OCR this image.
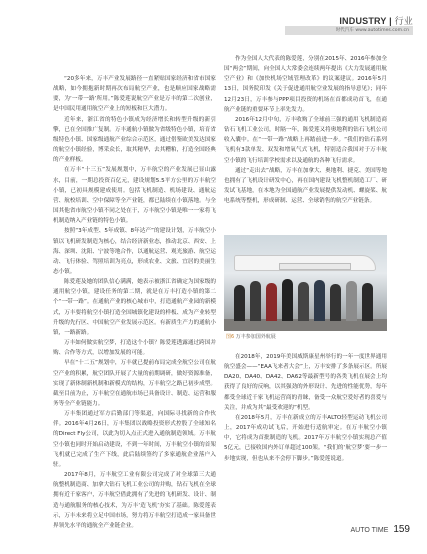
INDUSTRY | 行业
时代汽车 www.autotimes.com.cn

“20多年来，万丰产业发展路径一直紧贴国家经济和省市国家战略，如今拥抱新时期再次布局航空产业，也是顺应国家战略需要，为‘一带一路’所用。”陈爱莲说航空产业是万丰的第二次创业，是中国民用通用航空产业上的短板和巨大潜力。

近年来，浙江省的特色小镇成为经济增长和转型升级的新引擎，已在全国推广复制。万丰通航小镇做为省级特色小镇，培育省级特色小镇、国家级通航产业综合示范区，通过借鉴欧美发达国家的航空小镇经验，博采众长，取其精华，去其糟粕，打造全国经典的产业样板。

在万丰“十三五”发展规划中，万丰航空的产业发展已显山露水，目前，一期总投资百亿元，建设规划5.5平方公里的万丰航空小镇，已初具规模建成使用。包括飞机制造、机场建设、通航运营、航校培训、空中保障等全产业链，都已陆续在小镇落地。与全国其他省市航空小镇不同之处在于，万丰航空小镇是唯一一家将飞机制造纳入产业链的特色小镇。

按照“3年成型、5年成镇、8年达产”的建设计划，万丰航空小镇以飞机研发制造为核心，结合经济新业态，推动北京、西安、上海、深圳、沈阳、宁波等地合作，以通航运营、观光旅游、航空运动、飞行体验、驾照培训为亮点，形成农业、文旅、宜居的美丽生态小镇。

陈爱莲及她的团队信心满满，她表示被浙江省确定为国家级的通用航空小镇，建设任务的第二期，就是在万丰打造小镇的第二个“一带一路”。在通航产业的核心城市中，打造通航产业园的新模式，万丰要将航空小镇打造全国城镇化建设的样板、成为产业转型升级的先行区、中国航空产业发展示范区。有新质生产力的通航小镇，一路新路。

万丰如何做实航空梦，打造这个小镇？陈爱莲透露通过跨国并购、合作等方式，以增加发展的可能。

早在“十二五”规划中，万丰就已提前布局完成全航空公司在航空产业的积累，航空团队开展了大量的前期调研，做好资源准备，实现了新体制新机制和新模式的结构，万丰航空之路已初步成型。截至目前为止，万丰航空在通航市场已具备设计、制造、运营和服务等全产业链能力。

万丰集团通过军方后勤部门等渠道，向国际寻找新的合作伙伴。2016年4月26日，万丰集团以战略投资形式控股了全球知名的Direct Fly公司，以此为切入点正式进入通航制造领域。万丰航空小镇也同时开始启动建设，不到一年时间，万丰航空小镇的首架飞机就已完成了生产下线，此后陆续签约了多家通航企业落户入驻。

2017年8月，万丰航空工业有限公司完成了对全球第三大通航整机制造商、加拿大钻石飞机工业公司的并购，钻石飞机在全球拥有近千家客户，万丰航空借此拥有了先进的飞机研发、设计、制造与通航服务的核心技术，为万丰‘造飞机’夯实了基础。陈爱莲表示，万丰未来将立足中国市场，努力将万丰航空打造成一家具备世界领先水平的通航全产业链企业。

作为全国人大代表的陈爱莲，分别在2015年、2016年参加全国“两会”期间，向全国人大常委会连续两年提出《大力发展通用航空产业》和《加快机场空域管理改革》的议案建议。2016年5月13日，国务院印发《关于促进通用航空业发展的指导意见》；同年12月23日，万丰参与PPP项目投资的机场在首都成功首飞，在通航产业链的重要环节上率先发力。

2016年12月中旬，万丰收购了全球前三强的通用飞机制造商钻石飞机工业公司，时隔一年，陈爱莲又将奥地利的钻石飞机公司收入囊中。在“一带一路”战略上再踏前进一步。“我们的钻石系列飞机有3款单发、双发和增氧气式飞机，特别适合我国对于万丰航空小镇的飞行培训学校需求以及通航的各种飞行需求。

通过“走出去”战略，万丰在加拿大、奥地利、捷克、美国等地也拥有了飞机设计研发中心，再在国内建设飞机整机制造工厂、研发试飞基地，在本地为全国通航产业发展提供发动机、螺旋桨、航电系统等整机，形成研制、运营、全球销售的航空产业链条。

在2018年，2019年美国威斯康星州举行的一年一度世界通用航空盛会——“EAA飞来者大会”上，万丰安排了多条展示区。所展DA20、DA40、DA42、DA62等最新型号的各类飞机在展会上均获得了良好的反响，以其强劲的外形设计、先进的性能优势，每年都受全球近千家飞机运营商的青睐，备受一众航空爱好者的喜爱与关注，并成为其“最受欢迎的”机型。

在2018年5月，万丰在新成立的万丰ALTO轻型运动飞机公司上，2017年成功试飞后，开始进行适航审定。在万丰航空小镇中，它将成为首批制造的飞机。2017年万丰航空小镇实现总产值5亿元，已接收国内外订单超过100架。“我们的‘航空梦’要一步一步地实现，但也从来不会停下脚步。”陈爱莲说道。

图6 万丰参加国外航展
AUTO TIME 159
